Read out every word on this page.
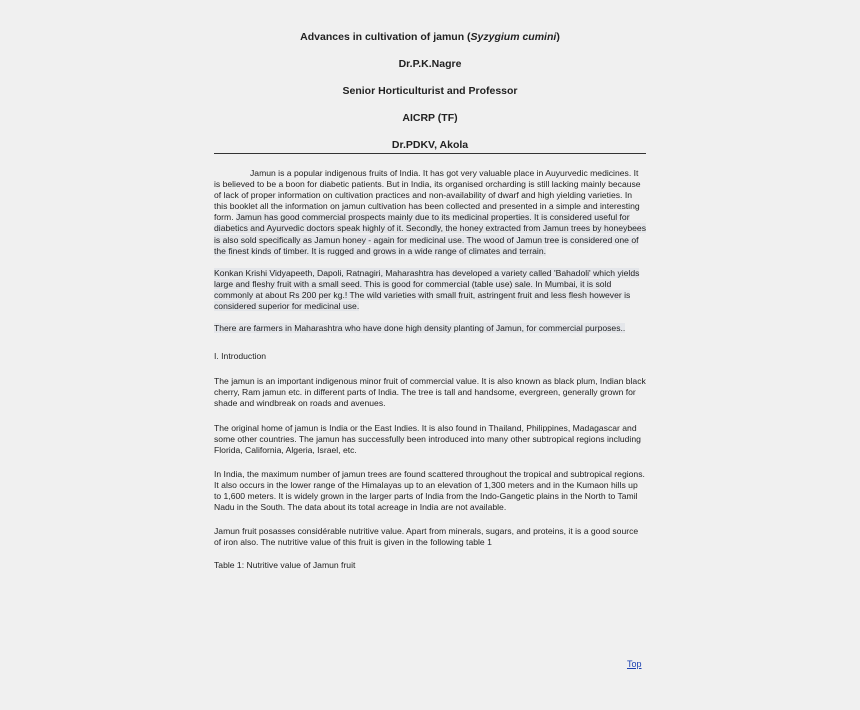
Advances in cultivation of jamun (Syzygium cumini)

Dr.P.K.Nagre

Senior Horticulturist and Professor

AICRP (TF)

Dr.PDKV, Akola

Jamun is a popular indigenous fruits of India. It has got very valuable place in Auyurvedic medicines. It is believed to be a boon for diabetic patients. But in India, its organised orcharding is still lacking mainly because of lack of proper information on cultivation practices and non-availability of dwarf and high yielding varieties. In this booklet all the information on jamun cultivation has been collected and presented in a simple and interesting form. Jamun has good commercial prospects mainly due to its medicinal properties. It is considered useful for diabetics and Ayurvedic doctors speak highly of it. Secondly, the honey extracted from Jamun trees by honeybees is also sold specifically as Jamun honey - again for medicinal use. The wood of Jamun tree is considered one of the finest kinds of timber. It is rugged and grows in a wide range of climates and terrain.

Konkan Krishi Vidyapeeth, Dapoli, Ratnagiri, Maharashtra has developed a variety called 'Bahadoli' which yields large and fleshy fruit with a small seed. This is good for commercial (table use) sale. In Mumbai, it is sold commonly at about Rs 200 per kg.! The wild varieties with small fruit, astringent fruit and less flesh however is considered superior for medicinal use.

There are farmers in Maharashtra who have done high density planting of Jamun, for commercial purposes..

I. Introduction

The jamun is an important indigenous minor fruit of commercial value. It is also known as black plum, Indian black cherry, Ram jamun etc. in different parts of India. The tree is tall and handsome, evergreen, generally grown for shade and windbreak on roads and avenues.

The original home of jamun is India or the East Indies. It is also found in Thailand, Philippines, Madagascar and some other countries. The jamun has successfully been introduced into many other subtropical regions including Florida, California, Algeria, Israel, etc.

In India, the maximum number of jamun trees are found scattered throughout the tropical and subtropical regions. It also occurs in the lower range of the Himalayas up to an elevation of 1,300 meters and in the Kumaon hills up to 1,600 meters. It is widely grown in the larger parts of India from the Indo-Gangetic plains in the North to Tamil Nadu in the South. The data about its total acreage in India are not available.

Jamun fruit posasses considérable nutritive value. Apart from minerals, sugars, and proteins, it is a good source of iron also. The nutritive value of this fruit is given in the following table 1

Table 1: Nutritive value of Jamun fruit

Top
